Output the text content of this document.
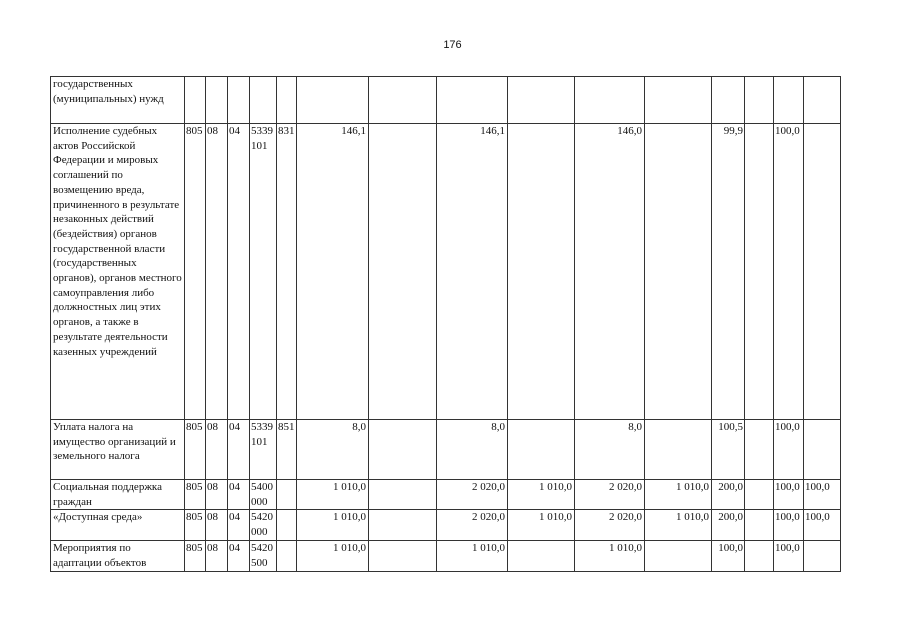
176
государственных (муниципальных) нужд															
Исполнение судебных актов Российской Федерации и мировых соглашений по возмещению вреда, причиненного в результате незаконных действий (бездействия) органов государственной власти (государственных органов), органов местного самоуправления либо должностных лиц этих органов, а также в результате деятельности казенных учреждений	805	08	04	5339 101	831	146,1		146,1		146,0		99,9		100,0	
Уплата налога на имущество организаций и земельного налога	805	08	04	5339 101	851	8,0		8,0		8,0		100,5		100,0	
Социальная поддержка граждан	805	08	04	5400 000		1 010,0		2 020,0	1 010,0	2 020,0	1 010,0	200,0		100,0	100,0
«Доступная среда»	805	08	04	5420 000		1 010,0		2 020,0	1 010,0	2 020,0	1 010,0	200,0		100,0	100,0
Мероприятия по адаптации объектов	805	08	04	5420 500		1 010,0		1 010,0		1 010,0		100,0		100,0	
